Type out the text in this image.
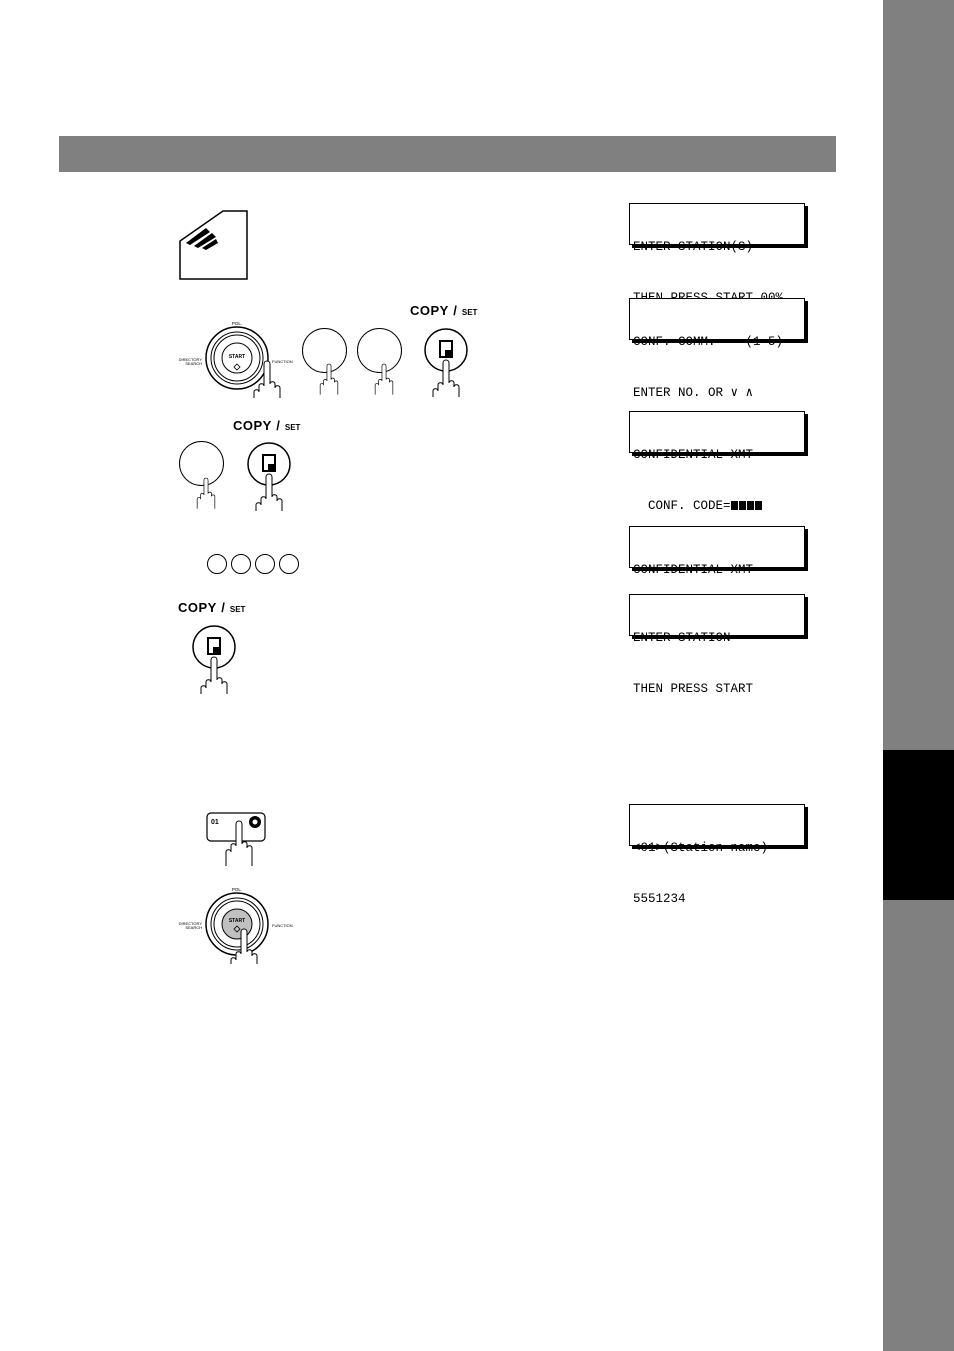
ENTER STATION(S)

START
POL.
DIRECTORY
SEARCH	FUNCTION
COPY / SET

CONF. COMM.    (1-5)

ENTER NO. OR ∨ ∧

COPY / SET

CONFIDENTIAL XMT

CONF. CODE=

CONFIDENTIAL XMT

COPY / SET

ENTER STATION

THEN PRESS START

01

<01>(Station name)

5551234

START
POL.
DIRECTORY
SEARCH	FUNCTION
